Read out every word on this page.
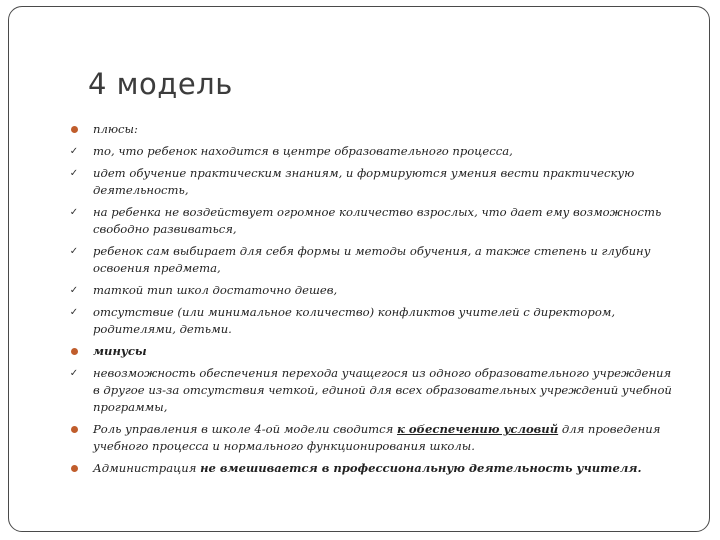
4 модель
плюсы:
✓ то, что ребенок находится в центре образовательного процесса,
✓ идет обучение практическим знаниям, и формируются умения вести практическую деятельность,
✓ на ребенка не воздействует огромное количество взрослых, что дает ему возможность свободно развиваться,
✓ ребенок сам выбирает для себя формы и методы обучения, а также степень и глубину освоения предмета,
✓ таткой тип школ достаточно дешев,
✓ отсутствие (или минимальное количество) конфликтов учителей с директором, родителями, детьми.
минусы
✓ невозможность обеспечения перехода учащегося из одного образовательного учреждения в другое из-за отсутствия четкой, единой для всех образовательных учреждений учебной программы,
Роль управления в школе 4-ой модели сводится к обеспечению условий для проведения учебного процесса и нормального функционирования школы.
Администрация не вмешивается в профессиональную деятельность учителя.
